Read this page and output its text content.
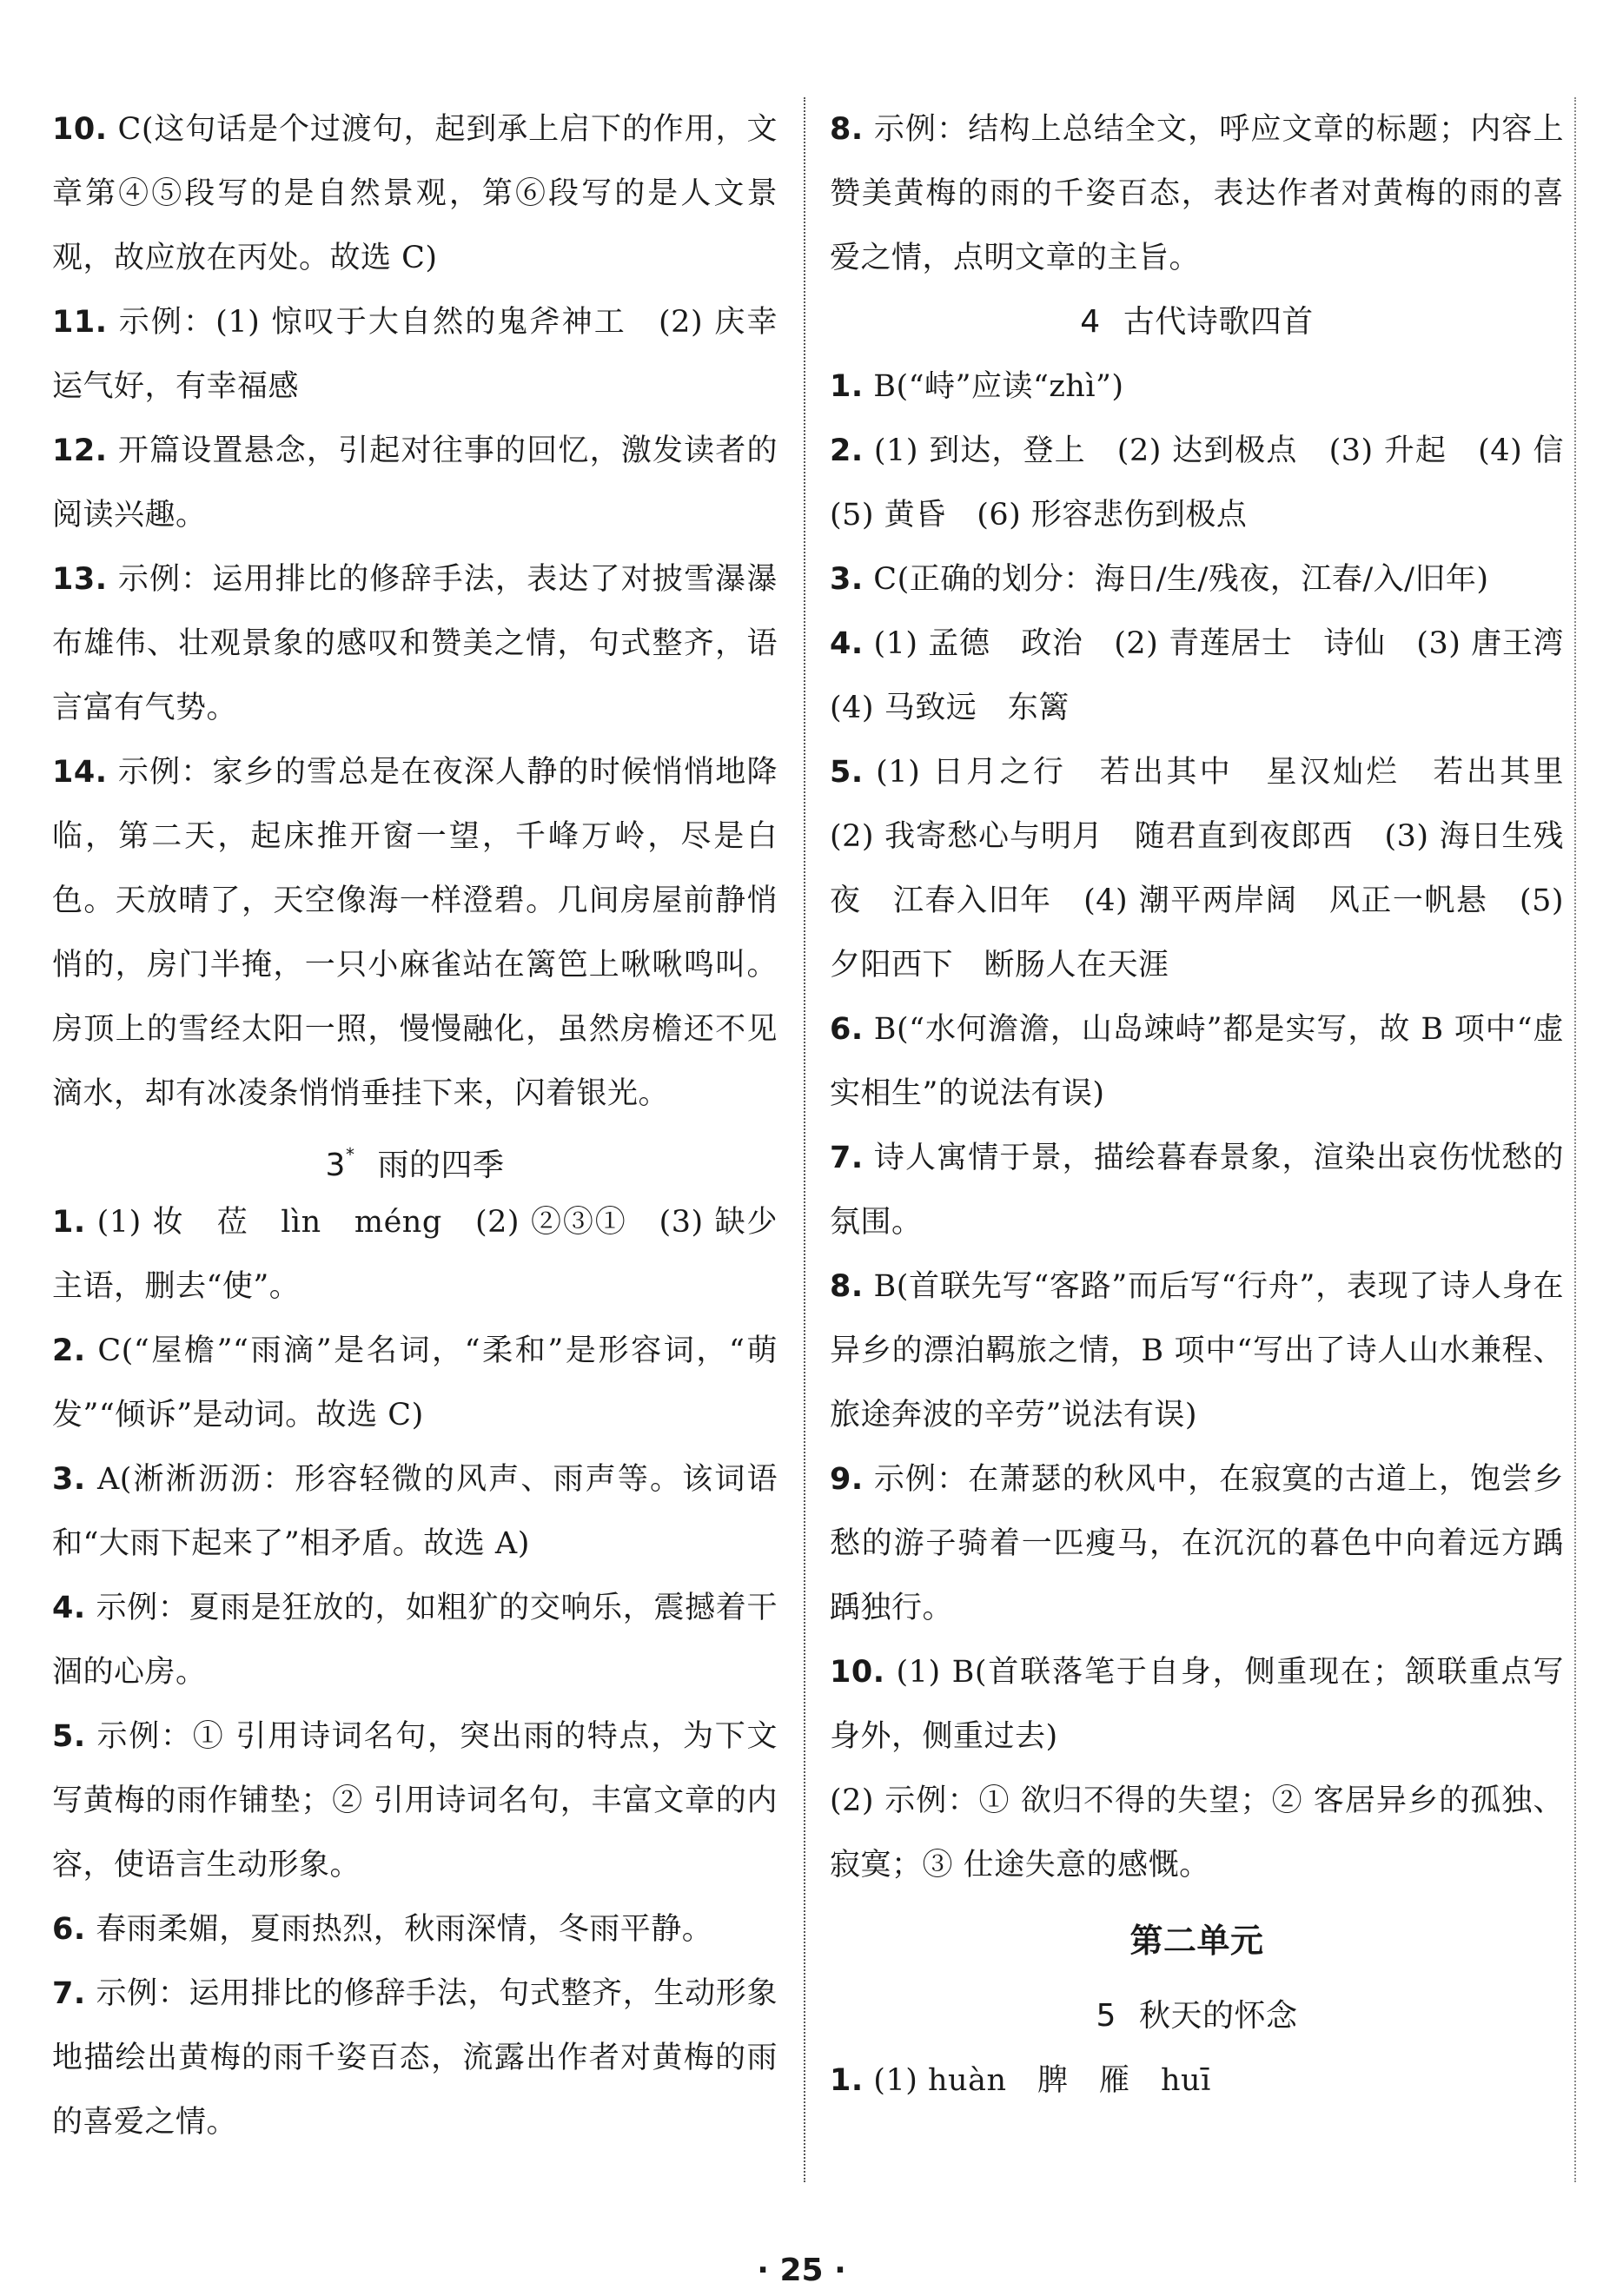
10. C(这句话是个过渡句，起到承上启下的作用，文章第④⑤段写的是自然景观，第⑥段写的是人文景观，故应放在丙处。故选 C)

11. 示例：(1) 惊叹于大自然的鬼斧神工　(2) 庆幸运气好，有幸福感

12. 开篇设置悬念，引起对往事的回忆，激发读者的阅读兴趣。

13. 示例：运用排比的修辞手法，表达了对披雪瀑瀑布雄伟、壮观景象的感叹和赞美之情，句式整齐，语言富有气势。

14. 示例：家乡的雪总是在夜深人静的时候悄悄地降临，第二天，起床推开窗一望，千峰万岭，尽是白色。天放晴了，天空像海一样澄碧。几间房屋前静悄悄的，房门半掩，一只小麻雀站在篱笆上啾啾鸣叫。房顶上的雪经太阳一照，慢慢融化，虽然房檐还不见滴水，却有冰凌条悄悄垂挂下来，闪着银光。

3* 雨的四季

1. (1) 妆　莅　lìn　méng　(2) ②③①　(3) 缺少主语，删去“使”。

2. C(“屋檐”“雨滴”是名词，“柔和”是形容词，“萌发”“倾诉”是动词。故选 C)

3. A(淅淅沥沥：形容轻微的风声、雨声等。该词语和“大雨下起来了”相矛盾。故选 A)

4. 示例：夏雨是狂放的，如粗犷的交响乐，震撼着干涸的心房。

5. 示例：① 引用诗词名句，突出雨的特点，为下文写黄梅的雨作铺垫；② 引用诗词名句，丰富文章的内容，使语言生动形象。

6. 春雨柔媚，夏雨热烈，秋雨深情，冬雨平静。

7. 示例：运用排比的修辞手法，句式整齐，生动形象地描绘出黄梅的雨千姿百态，流露出作者对黄梅的雨的喜爱之情。

8. 示例：结构上总结全文，呼应文章的标题；内容上赞美黄梅的雨的千姿百态，表达作者对黄梅的雨的喜爱之情，点明文章的主旨。

4 古代诗歌四首

1. B(“峙”应读“zhì”)

2. (1) 到达，登上　(2) 达到极点　(3) 升起　(4) 信　(5) 黄昏　(6) 形容悲伤到极点

3. C(正确的划分：海日/生/残夜，江春/入/旧年)

4. (1) 孟德　政治　(2) 青莲居士　诗仙　(3) 唐王湾　(4) 马致远　东篱

5. (1) 日月之行　若出其中　星汉灿烂　若出其里　(2) 我寄愁心与明月　随君直到夜郎西　(3) 海日生残夜　江春入旧年　(4) 潮平两岸阔　风正一帆悬　(5) 夕阳西下　断肠人在天涯

6. B(“水何澹澹，山岛竦峙”都是实写，故 B 项中“虚实相生”的说法有误)

7. 诗人寓情于景，描绘暮春景象，渲染出哀伤忧愁的氛围。

8. B(首联先写“客路”而后写“行舟”，表现了诗人身在异乡的漂泊羁旅之情，B 项中“写出了诗人山水兼程、旅途奔波的辛劳”说法有误)

9. 示例：在萧瑟的秋风中，在寂寞的古道上，饱尝乡愁的游子骑着一匹瘦马，在沉沉的暮色中向着远方踽踽独行。

10. (1) B(首联落笔于自身，侧重现在；颔联重点写身外，侧重过去)

(2) 示例：① 欲归不得的失望；② 客居异乡的孤独、寂寞；③ 仕途失意的感慨。

第二单元
5 秋天的怀念

1. (1) huàn　脾　雁　huī

· 25 ·
